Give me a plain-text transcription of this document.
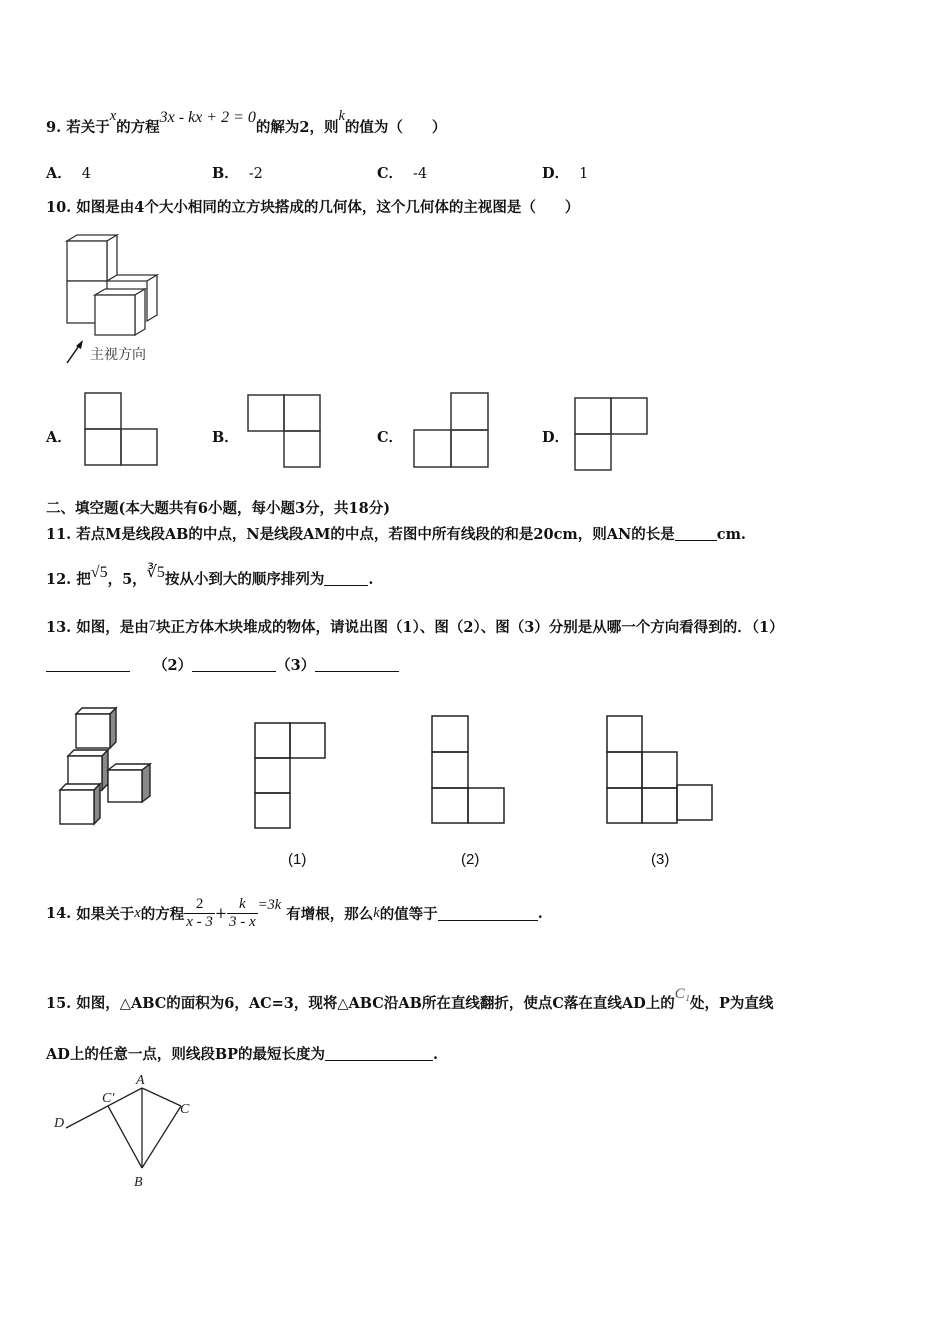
9. 若关于x的方程3x - kx + 2 = 0的解为2，则k的值为（　　）
A． 4	B． -2	C． -4	D． 1
10. 如图是由4个大小相同的立方块搭成的几何体，这个几何体的主视图是（　　）
主视方向
A．	B．	C．	D．
二、填空题(本大题共有6小题，每小题3分，共18分)
11. 若点M是线段AB的中点，N是线段AM的中点，若图中所有线段的和是20cm，则AN的长是	cm.
12. 把√5，5，∛5按从小到大的顺序排列为	.
13. 如图，是由7块正方体木块堆成的物体，请说出图（1）、图（2）、图（3）分别是从哪一个方向看得到的．（1）
（2）	（3）
(1)	(2)	(3)
14.
如果关于 x 的方程 $\frac{2}{x - 3} + \frac{k}{3 - x} =3k$

有增根，那么 k 的值等于	.
15. 如图，△ABC的面积为6，AC=3，现将△ABC沿AB所在直线翻折，使点C落在直线AD上的C₁处，P为直线
AD上的任意一点，则线段BP的最短长度为	.
A
B
C
C'
D
